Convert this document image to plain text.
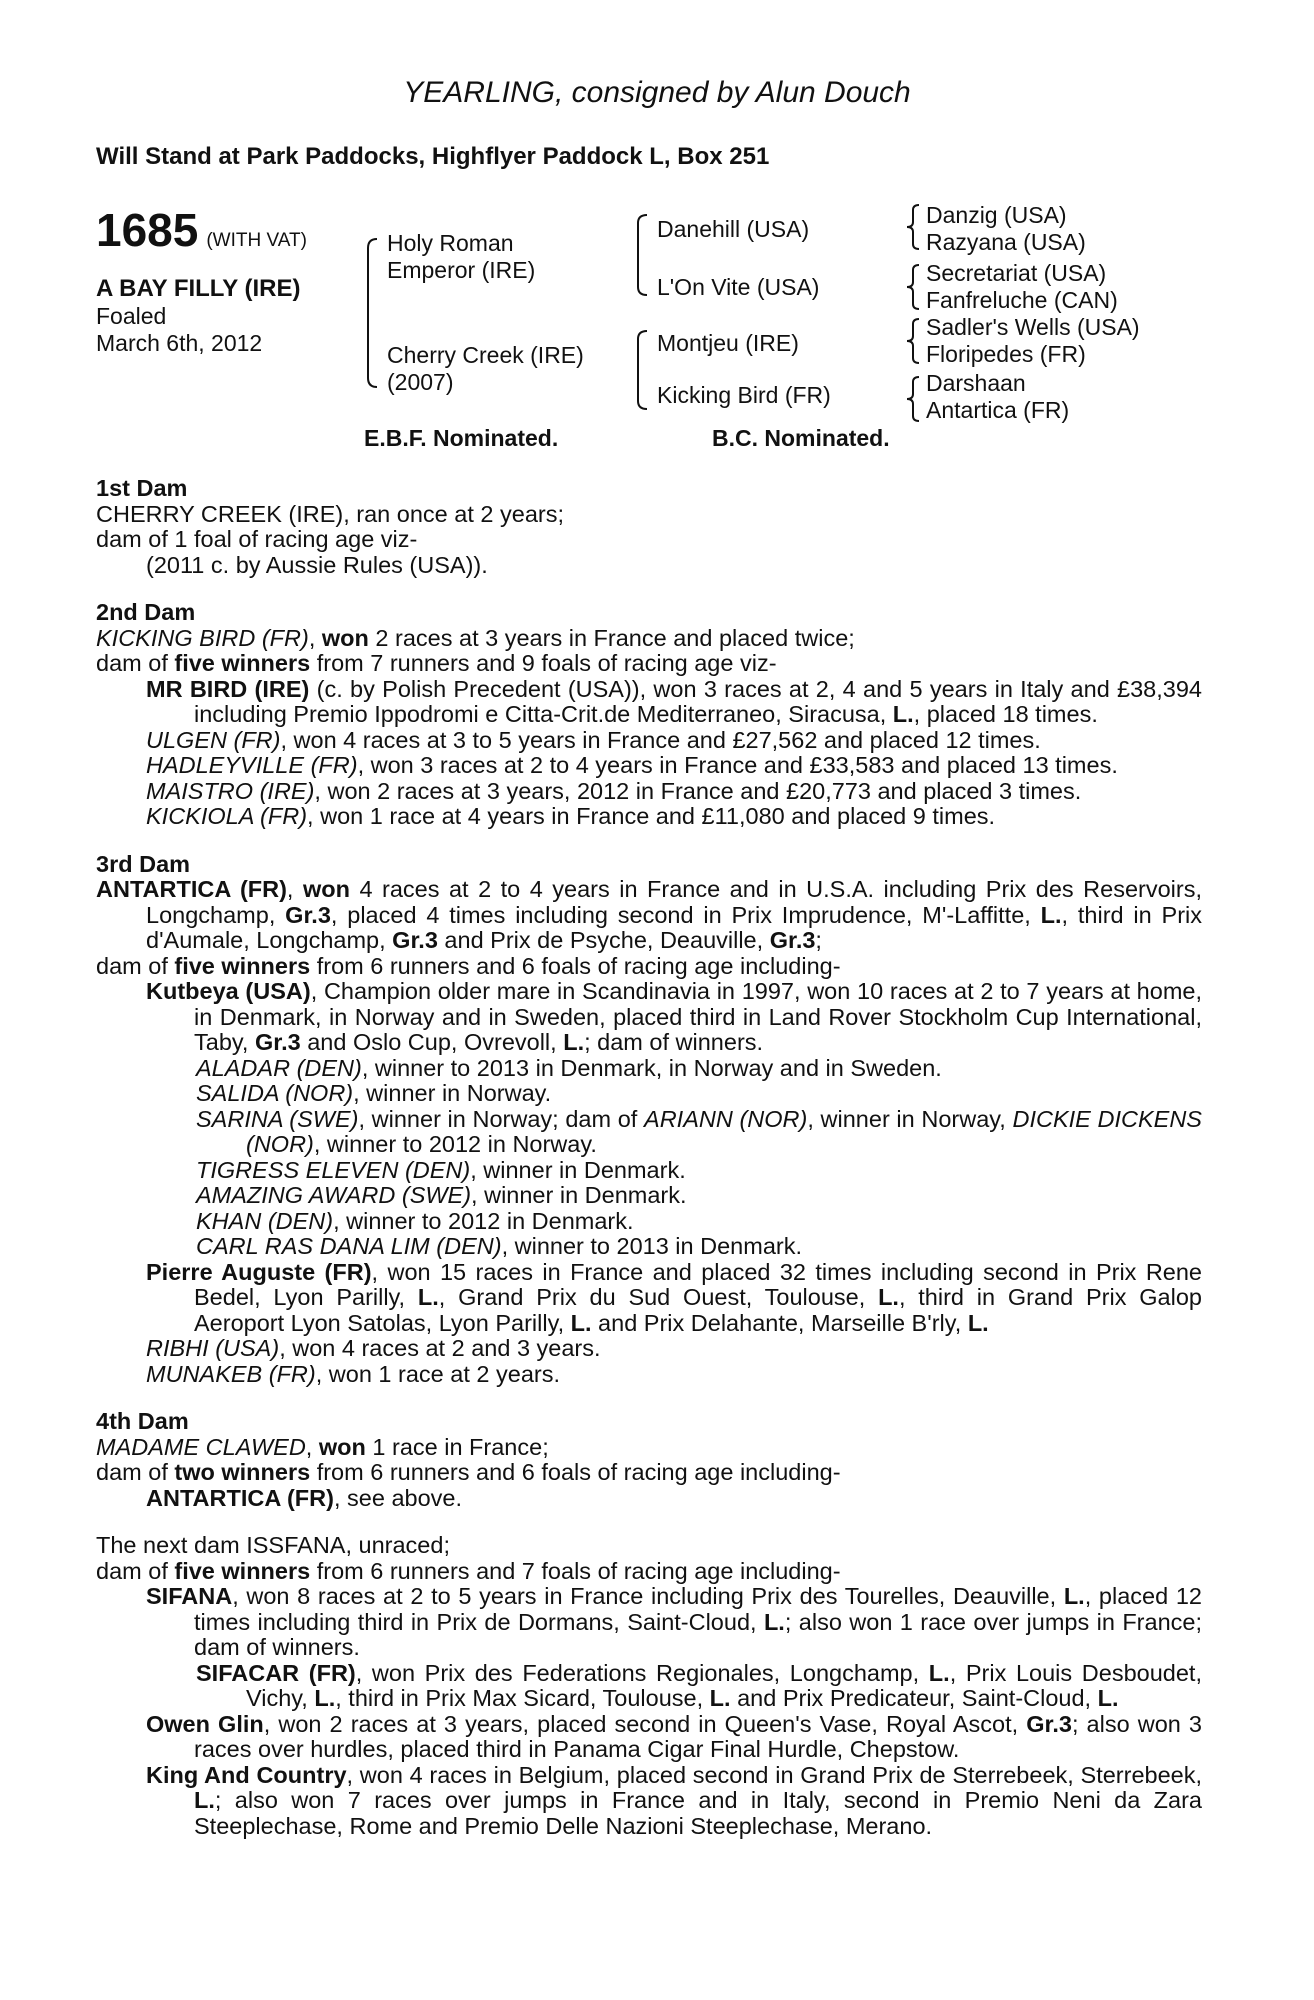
YEARLING, consigned by Alun Douch
Will Stand at Park Paddocks, Highflyer Paddock L, Box 251
1685 (WITH VAT)
A BAY FILLY (IRE)
Foaled
March 6th, 2012
Holy Roman
Emperor (IRE)
Cherry Creek (IRE)
(2007)
Danehill (USA)
L'On Vite (USA)
Montjeu (IRE)
Kicking Bird (FR)
Danzig (USA)
Razyana (USA)
Secretariat (USA)
Fanfreluche (CAN)
Sadler's Wells (USA)
Floripedes (FR)
Darshaan
Antartica (FR)
E.B.F. Nominated.	B.C. Nominated.
1st Dam
CHERRY CREEK (IRE), ran once at 2 years;
dam of 1 foal of racing age viz-
(2011 c. by Aussie Rules (USA)).
2nd Dam
KICKING BIRD (FR), won 2 races at 3 years in France and placed twice;
dam of five winners from 7 runners and 9 foals of racing age viz-
MR BIRD (IRE) (c. by Polish Precedent (USA)), won 3 races at 2, 4 and 5 years in Italy and £38,394 including Premio Ippodromi e Citta-Crit.de Mediterraneo, Siracusa, L., placed 18 times.
ULGEN (FR), won 4 races at 3 to 5 years in France and £27,562 and placed 12 times.
HADLEYVILLE (FR), won 3 races at 2 to 4 years in France and £33,583 and placed 13 times.
MAISTRO (IRE), won 2 races at 3 years, 2012 in France and £20,773 and placed 3 times.
KICKIOLA (FR), won 1 race at 4 years in France and £11,080 and placed 9 times.
3rd Dam
ANTARTICA (FR), won 4 races at 2 to 4 years in France and in U.S.A. including Prix des Reservoirs, Longchamp, Gr.3, placed 4 times including second in Prix Imprudence, M'-Laffitte, L., third in Prix d'Aumale, Longchamp, Gr.3 and Prix de Psyche, Deauville, Gr.3;
dam of five winners from 6 runners and 6 foals of racing age including-
Kutbeya (USA), Champion older mare in Scandinavia in 1997, won 10 races at 2 to 7 years at home, in Denmark, in Norway and in Sweden, placed third in Land Rover Stockholm Cup International, Taby, Gr.3 and Oslo Cup, Ovrevoll, L.; dam of winners.
ALADAR (DEN), winner to 2013 in Denmark, in Norway and in Sweden.
SALIDA (NOR), winner in Norway.
SARINA (SWE), winner in Norway; dam of ARIANN (NOR), winner in Norway, DICKIE DICKENS (NOR), winner to 2012 in Norway.
TIGRESS ELEVEN (DEN), winner in Denmark.
AMAZING AWARD (SWE), winner in Denmark.
KHAN (DEN), winner to 2012 in Denmark.
CARL RAS DANA LIM (DEN), winner to 2013 in Denmark.
Pierre Auguste (FR), won 15 races in France and placed 32 times including second in Prix Rene Bedel, Lyon Parilly, L., Grand Prix du Sud Ouest, Toulouse, L., third in Grand Prix Galop Aeroport Lyon Satolas, Lyon Parilly, L. and Prix Delahante, Marseille B'rly, L.
RIBHI (USA), won 4 races at 2 and 3 years.
MUNAKEB (FR), won 1 race at 2 years.
4th Dam
MADAME CLAWED, won 1 race in France;
dam of two winners from 6 runners and 6 foals of racing age including-
ANTARTICA (FR), see above.
The next dam ISSFANA, unraced;
dam of five winners from 6 runners and 7 foals of racing age including-
SIFANA, won 8 races at 2 to 5 years in France including Prix des Tourelles, Deauville, L., placed 12 times including third in Prix de Dormans, Saint-Cloud, L.; also won 1 race over jumps in France; dam of winners.
SIFACAR (FR), won Prix des Federations Regionales, Longchamp, L., Prix Louis Desboudet, Vichy, L., third in Prix Max Sicard, Toulouse, L. and Prix Predicateur, Saint-Cloud, L.
Owen Glin, won 2 races at 3 years, placed second in Queen's Vase, Royal Ascot, Gr.3; also won 3 races over hurdles, placed third in Panama Cigar Final Hurdle, Chepstow.
King And Country, won 4 races in Belgium, placed second in Grand Prix de Sterrebeek, Sterrebeek, L.; also won 7 races over jumps in France and in Italy, second in Premio Neni da Zara Steeplechase, Rome and Premio Delle Nazioni Steeplechase, Merano.
